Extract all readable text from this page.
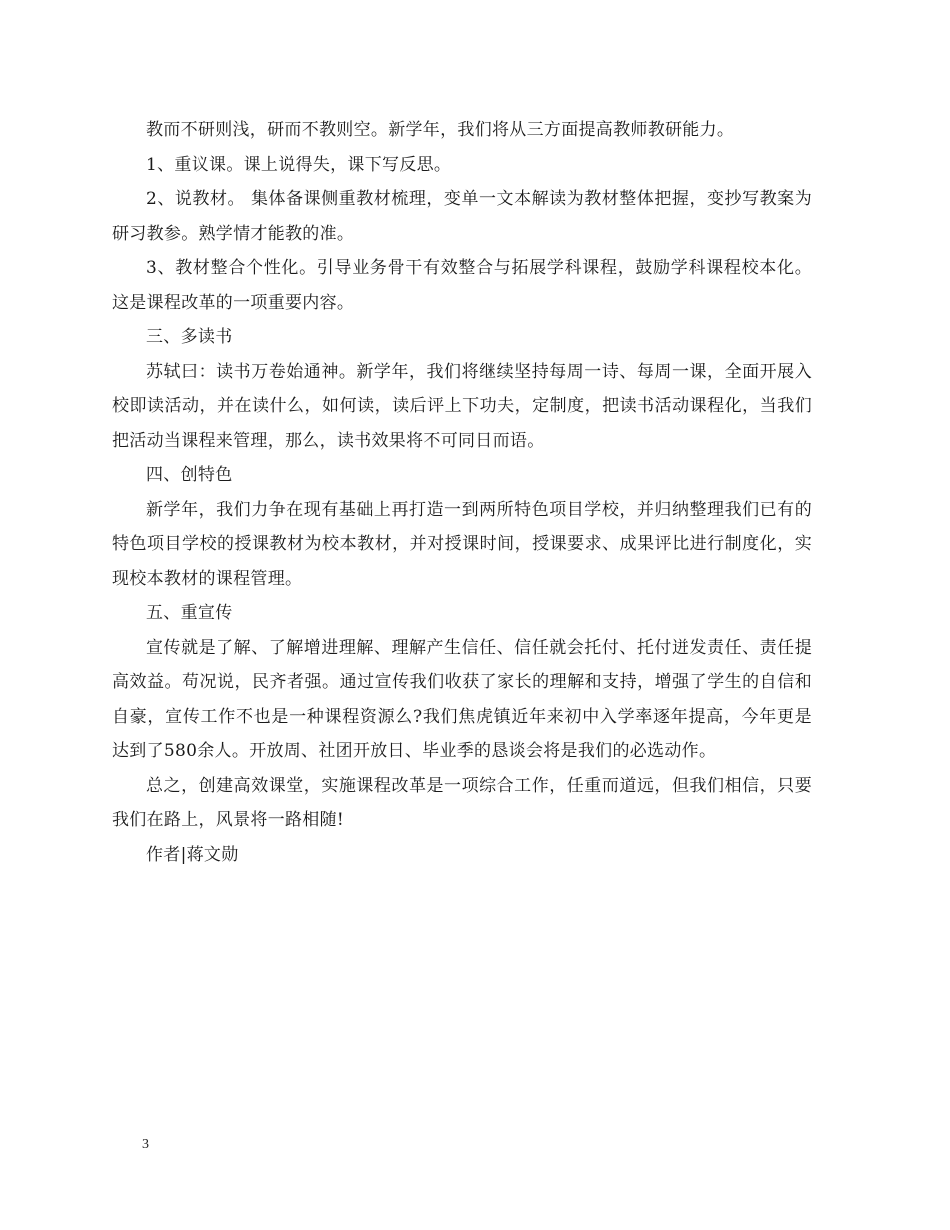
教而不研则浅，研而不教则空。新学年，我们将从三方面提高教师教研能力。

1、重议课。课上说得失，课下写反思。

2、说教材。 集体备课侧重教材梳理，变单一文本解读为教材整体把握，变抄写教案为研习教参。熟学情才能教的准。

3、教材整合个性化。引导业务骨干有效整合与拓展学科课程，鼓励学科课程校本化。这是课程改革的一项重要内容。

三、多读书

苏轼曰：读书万卷始通神。新学年，我们将继续坚持每周一诗、每周一课，全面开展入校即读活动，并在读什么，如何读，读后评上下功夫，定制度，把读书活动课程化，当我们把活动当课程来管理，那么，读书效果将不可同日而语。

四、创特色

新学年，我们力争在现有基础上再打造一到两所特色项目学校，并归纳整理我们已有的特色项目学校的授课教材为校本教材，并对授课时间，授课要求、成果评比进行制度化，实现校本教材的课程管理。

五、重宣传

宣传就是了解、了解增进理解、理解产生信任、信任就会托付、托付迸发责任、责任提高效益。苟况说，民齐者强。通过宣传我们收获了家长的理解和支持，增强了学生的自信和自豪，宣传工作不也是一种课程资源么?我们焦虎镇近年来初中入学率逐年提高，今年更是达到了580余人。开放周、社团开放日、毕业季的恳谈会将是我们的必选动作。

总之，创建高效课堂，实施课程改革是一项综合工作，任重而道远，但我们相信，只要我们在路上，风景将一路相随!

作者|蒋文勋

3
